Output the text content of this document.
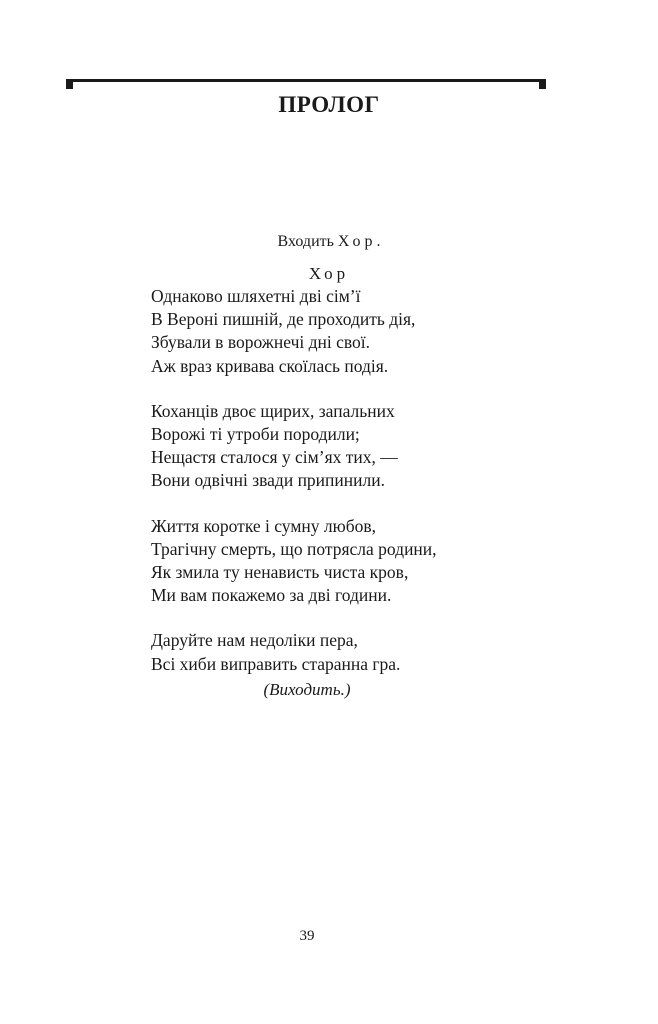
ПРОЛОГ
Входить Хор.
Хор
Однаково шляхетні дві сім’ї
В Вероні пишній, де проходить дія,
Збували в ворожнечі дні свої.
Аж враз кривава скоїлась подія.
Коханців двоє щирих, запальних
Ворожі ті утроби породили;
Нещастя сталося у сім’ях тих, —
Вони одвічні звади припинили.
Життя коротке і сумну любов,
Трагічну смерть, що потрясла родини,
Як змила ту ненависть чиста кров,
Ми вам покажемо за дві години.
Даруйте нам недоліки пера,
Всі хиби виправить старанна гра.
(Виходить.)
39
